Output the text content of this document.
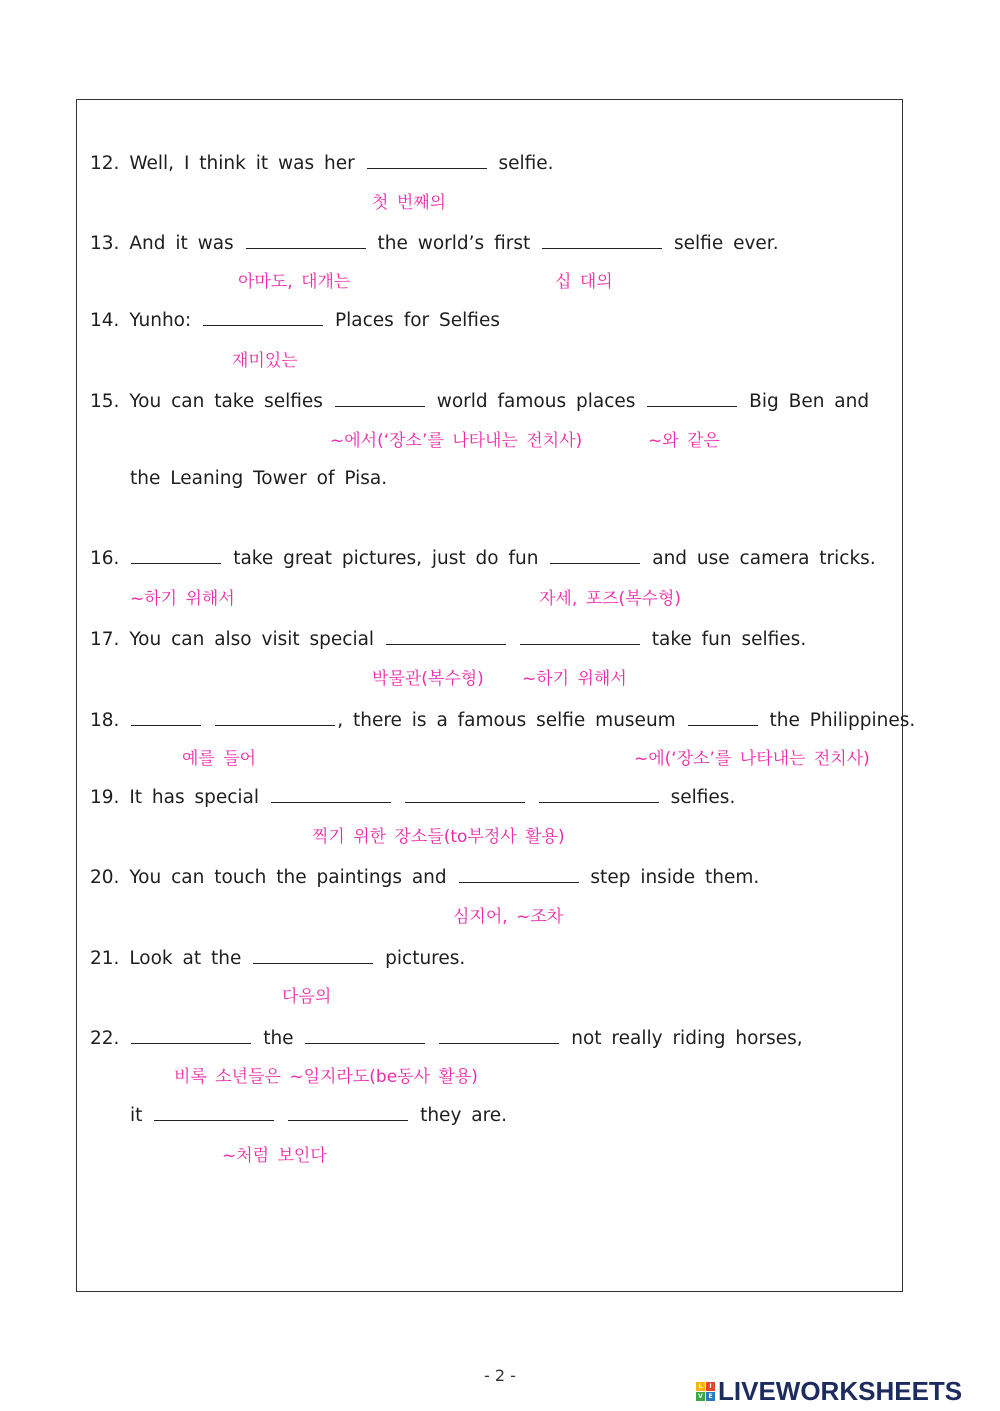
12. Well, I think it was her	selfie.
첫 번째의
13. And it was	the world’s first	selfie ever.
아마도, 대개는	십 대의
14. Yunho:	Places for Selfies
재미있는
15. You can take selfies	world famous places	Big Ben and
~에서(‘장소’를 나타내는 전치사)	~와 같은
the Leaning Tower of Pisa.
16.	take great pictures, just do fun	and use camera tricks.
~하기 위해서	자세, 포즈(복수형)
17. You can also visit special	take fun selfies.
박물관(복수형) ~하기 위해서
18.	, there is a famous selfie museum	the Philippines.
예를 들어	~에(‘장소’를 나타내는 전치사)
19. It has special	selfies.
찍기 위한 장소들(to부정사 활용)
20. You can touch the paintings and	step inside them.
심지어, ~조차
21. Look at the	pictures.
다음의
22.	the	not really riding horses,
비록 소년들은 ~일지라도(be동사 활용)
it	they are.
~처럼 보인다
- 2 -
L	I
V E LIVEWORKSHEETS
